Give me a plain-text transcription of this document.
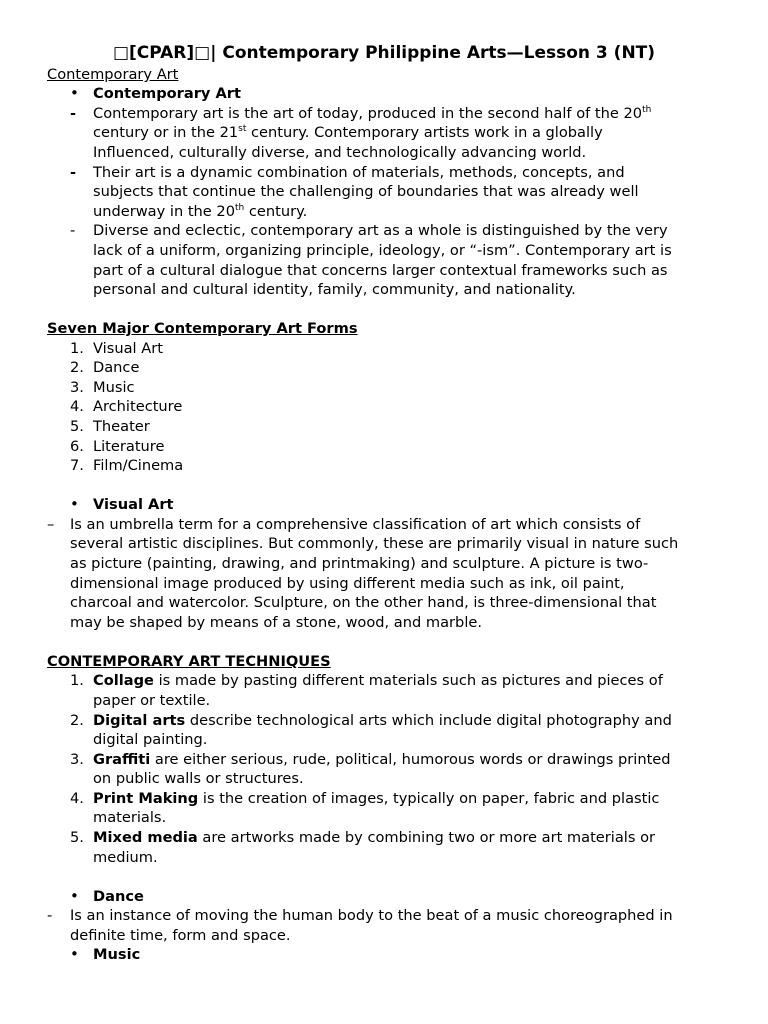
□[CPAR]□| Contemporary Philippine Arts—Lesson 3 (NT)
Contemporary Art
• Contemporary Art
- Contemporary art is the art of today, produced in the second half of the 20th
century or in the 21st century. Contemporary artists work in a globally
Influenced, culturally diverse, and technologically advancing world.
- Their art is a dynamic combination of materials, methods, concepts, and
subjects that continue the challenging of boundaries that was already well
underway in the 20th century.
- Diverse and eclectic, contemporary art as a whole is distinguished by the very
lack of a uniform, organizing principle, ideology, or “-ism”. Contemporary art is
part of a cultural dialogue that concerns larger contextual frameworks such as
personal and cultural identity, family, community, and nationality.
Seven Major Contemporary Art Forms
1. Visual Art
2. Dance
3. Music
4. Architecture
5. Theater
6. Literature
7. Film/Cinema
• Visual Art
– Is an umbrella term for a comprehensive classification of art which consists of
several artistic disciplines. But commonly, these are primarily visual in nature such
as picture (painting, drawing, and printmaking) and sculpture. A picture is two-
dimensional image produced by using different media such as ink, oil paint,
charcoal and watercolor. Sculpture, on the other hand, is three-dimensional that
may be shaped by means of a stone, wood, and marble.
CONTEMPORARY ART TECHNIQUES
1. Collage is made by pasting different materials such as pictures and pieces of
paper or textile.
2. Digital arts describe technological arts which include digital photography and
digital painting.
3. Graffiti are either serious, rude, political, humorous words or drawings printed
on public walls or structures.
4. Print Making is the creation of images, typically on paper, fabric and plastic
materials.
5. Mixed media are artworks made by combining two or more art materials or
medium.
• Dance
- Is an instance of moving the human body to the beat of a music choreographed in
definite time, form and space.
• Music
